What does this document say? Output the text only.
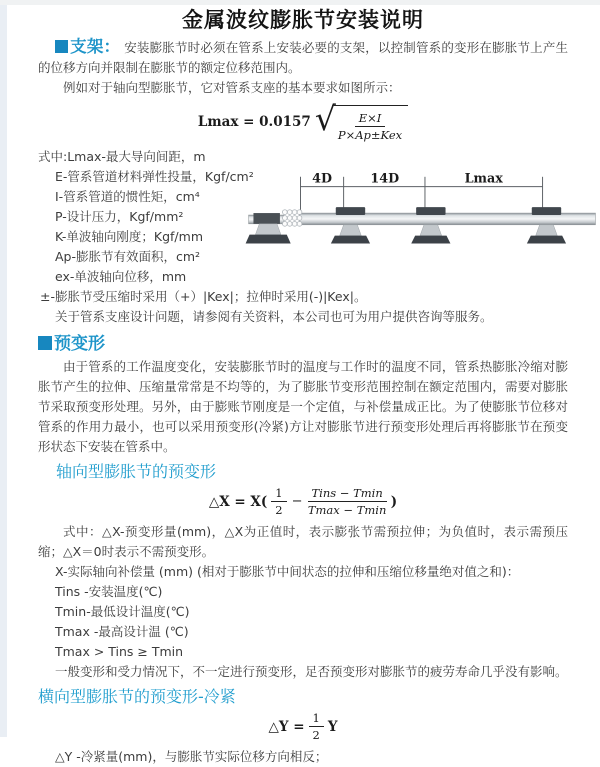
金属波纹膨胀节安装说明

支架： 安装膨胀节时必须在管系上安装必要的支架，以控制管系的变形在膨胀节上产生的位移方向并限制在膨胀节的额定位移范围内。

例如对于轴向型膨胀节，它对管系支座的基本要求如图所示：

Lmax = 0.0157 √ $\frac{E\times I}{\text{P×Ap±Kex}}$
式中:Lmax-最大导向间距，m
E-管系管道材料弹性投量，Kgf/cm²
I-管系管道的惯性矩，cm⁴
P-设计压力，Kgf/mm²
K-单波轴向刚度；Kgf/mm
Ap-膨胀节有效面积，cm²
ex-单波轴向位移，mm
4D	14D	Lmax

±-膨胀节受压缩时采用（+）|Kex|；拉伸时采用(-)|Kex|。

关于管系支座设计问题，请参阅有关资料，本公司也可为用户提供咨询等服务。

预变形

由于管系的工作温度变化，安装膨胀节时的温度与工作时的温度不同，管系热膨胀冷缩对膨胀节产生的拉伸、压缩量常常是不均等的，为了膨胀节变形范围控制在额定范围内，需要对膨胀节采取预变形处理。另外，由于膨账节刚度是一个定值，与补偿量成正比。为了使膨胀节位移对管系的作用力最小，也可以采用预变形(冷紧)方让对膨胀节进行预变形处理后再将膨胀节在预变形状态下安装在管系中。

轴向型膨胀节的预变形
△X = $X( \frac{1}{2} - \frac{\text{Tins − Tmin}}{Tmax - Tmin}$ )

式中：△X-预变形量(mm)，△X为正值时，表示膨张节需预拉伸；为负值时，表示需预压缩；△X＝0时表示不需预变形。

X-实际轴向补偿量 (mm) (相对于膨胀节中间状态的拉伸和压缩位移量绝对值之和)：
Tins -安装温度(℃)
Tmin-最低设计温度(℃)
Tmax -最高设计温 (℃)
Tmax > Tins ≥ Tmin
一般变形和受力情况下，不一定进行预变形，足否预变形对膨胀节的疲劳寿命几乎没有影响。
横向型膨胀节的预变形-冷紧
△Y = $\frac{1}{2}$ Y

△Y -冷紧量(mm)，与膨胀节实际位移方向相反；
